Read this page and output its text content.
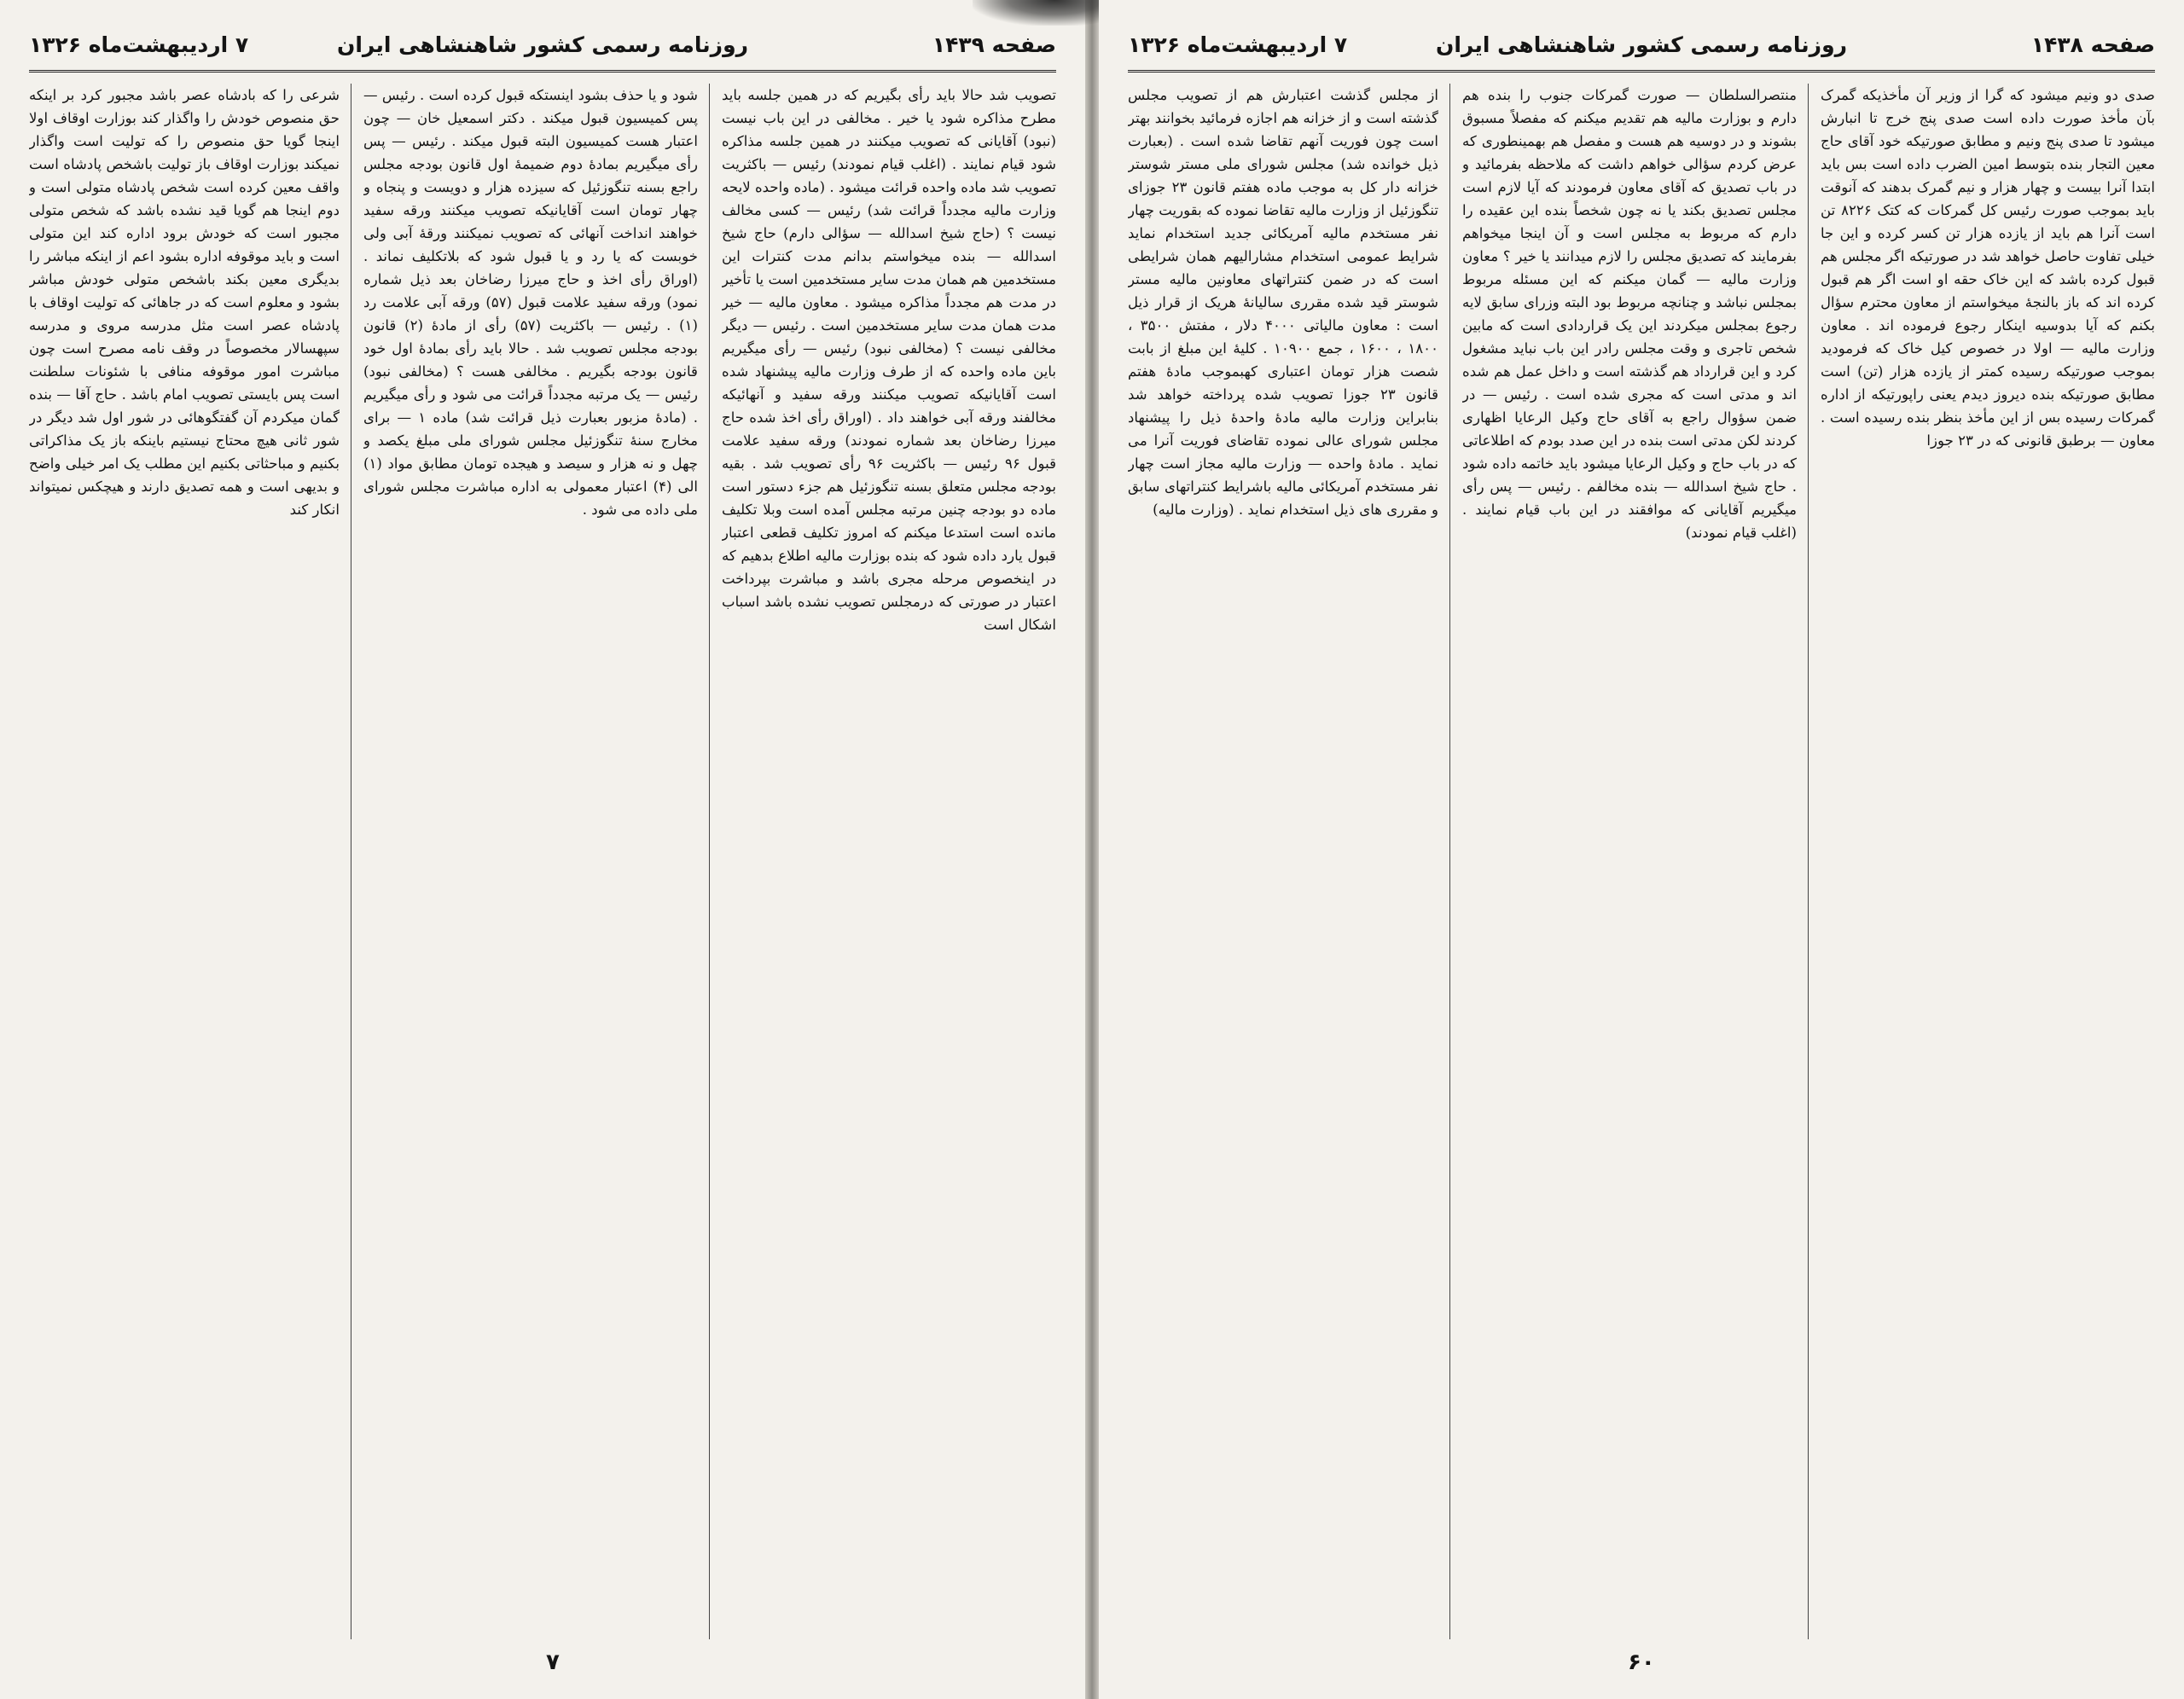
۷ اردیبهشت‌ماه ۱۳۲۶	روزنامه رسمی کشور شاهنشاهی ایران	صفحه ۱۴۳۹

تصویب شد حالا باید رأی بگیریم که در همین جلسه باید مطرح مذاکره شود یا خیر . مخالفی در این باب نیست (نبود) آقایانی که تصویب میکنند در همین جلسه مذاکره شود قیام نمایند . (اغلب قیام نمودند) رئیس — باکثریت تصویب شد ماده واحده قرائت میشود . (ماده واحده لایحه وزارت مالیه مجدداً قرائت شد) رئیس — کسی مخالف نیست ؟ (حاج شیخ اسدالله — سؤالی دارم) حاج شیخ اسدالله — بنده میخواستم بدانم مدت کنترات این مستخدمین هم همان مدت سایر مستخدمین است یا تأخیر در مدت هم مجدداً مذاکره میشود . معاون مالیه — خیر مدت همان مدت سایر مستخدمین است . رئیس — دیگر مخالفی نیست ؟ (مخالفی نبود) رئیس — رأی میگیریم باین ماده واحده که از طرف وزارت مالیه پیشنهاد شده است آقایانیکه تصویب میکنند ورقه سفید و آنهائیکه مخالفند ورقه آبی خواهند داد . (اوراق رأی اخذ شده حاج میرزا رضاخان بعد شماره نمودند) ورقه سفید علامت قبول ۹۶ رئیس — باکثریت ۹۶ رأی تصویب شد . بقیه بودجه مجلس متعلق بسنه تنگوزئیل هم جزء دستور است ماده دو بودجه چنین مرتبه مجلس آمده است وبلا تکلیف مانده است استدعا میکنم که امروز تکلیف قطعی اعتبار قبول یارد داده شود که بنده بوزارت مالیه اطلاع بدهیم که در اینخصوص مرحله مجری باشد و مباشرت بپرداخت اعتبار در صورتی که درمجلس تصویب نشده باشد اسباب اشکال است

شود و یا حذف بشود اینستکه قبول کرده است . رئیس — پس کمیسیون قبول میکند . دکتر اسمعیل خان — چون اعتبار هست کمیسیون البته قبول میکند . رئیس — پس رأی میگیریم بمادهٔ دوم ضمیمهٔ اول قانون بودجه مجلس راجع بسنه تنگوزئیل که سیزده هزار و دویست و پنجاه و چهار تومان است آقایانیکه تصویب میکنند ورقه سفید خواهند انداخت آنهائی که تصویب نمیکنند ورقهٔ آبی ولی خوبست که یا رد و یا قبول شود که بلاتکلیف نماند . (اوراق رأی اخذ و حاج میرزا رضاخان بعد ذیل شماره نمود) ورقه سفید علامت قبول (۵۷) ورقه آبی علامت رد (۱) . رئیس — باکثریت (۵۷) رأی از مادهٔ (۲) قانون بودجه مجلس تصویب شد . حالا باید رأی بمادهٔ اول خود قانون بودجه بگیریم . مخالفی هست ؟ (مخالفی نبود) رئیس — یک مرتبه مجدداً قرائت می شود و رأی میگیریم . (مادهٔ مزبور بعبارت ذیل قرائت شد) ماده ۱ — برای مخارج سنهٔ تنگوزئیل مجلس شورای ملی مبلغ یکصد و چهل و نه هزار و سیصد و هیجده تومان مطابق مواد (۱) الی (۴) اعتبار معمولی به اداره مباشرت مجلس شورای ملی داده می شود .

شرعی را که بادشاه عصر باشد مجبور کرد بر اینکه حق منصوص خودش را واگذار کند بوزارت اوقاف اولا اینجا گویا حق منصوص را که تولیت است واگذار نمیکند بوزارت اوقاف باز تولیت باشخص پادشاه است واقف معین کرده است شخص پادشاه متولی است و دوم اینجا هم گویا قید نشده باشد که شخص متولی مجبور است که خودش برود اداره کند این متولی است و باید موقوفه اداره بشود اعم از اینکه مباشر را بدیگری معین بکند باشخص متولی خودش مباشر بشود و معلوم است که در جاهائی که تولیت اوقاف با پادشاه عصر است مثل مدرسه مروی و مدرسه سپهسالار مخصوصاً در وقف نامه مصرح است چون مباشرت امور موقوفه منافی با شئونات سلطنت است پس بایستی تصویب امام باشد . حاج آقا — بنده گمان میکردم آن گفتگوهائی در شور اول شد دیگر در شور ثانی هیچ محتاج نیستیم باینکه باز یک مذاکراتی بکنیم و مباحثاتی بکنیم این مطلب یک امر خیلی واضح و بدیهی است و همه تصدیق دارند و هیچکس نمیتواند انکار کند

۷
۷ اردیبهشت‌ماه ۱۳۲۶	روزنامه رسمی کشور شاهنشاهی ایران	صفحه ۱۴۳۸

صدی دو ونیم میشود که گرا از وزیر آن مأخذیکه گمرک بآن مأخذ صورت داده است صدی پنج خرج تا انبارش میشود تا صدی پنج ونیم و مطابق صورتیکه خود آقای حاج معین التجار بنده بتوسط امین الضرب داده است بس باید ابتدا آنرا بیست و چهار هزار و نیم گمرک بدهند که آنوقت باید بموجب صورت رئیس کل گمرکات که کتک ۸۲۲۶ تن است آنرا هم باید از یازده هزار تن کسر کرده و این جا خیلی تفاوت حاصل خواهد شد در صورتیکه اگر مجلس هم قبول کرده باشد که این خاک حقه او است اگر هم قبول کرده اند که باز بالنجهٔ میخواستم از معاون محترم سؤال بکنم که آیا بدوسیه اینکار رجوع فرموده اند . معاون وزارت مالیه — اولا در خصوص کیل خاک که فرمودید بموجب صورتیکه رسیده کمتر از یازده هزار (تن) است مطابق صورتیکه بنده دیروز دیدم یعنی راپورتیکه از اداره گمرکات رسیده بس از این مأخذ بنظر بنده رسیده است . معاون — برطبق قانونی که در ۲۳ جوزا

منتصرالسلطان — صورت گمرکات جنوب را بنده هم دارم و بوزارت مالیه هم تقدیم میکنم که مفصلاً مسبوق بشوند و در دوسیه هم هست و مفصل هم بهمینطوری که عرض کردم سؤالی خواهم داشت که ملاحظه بفرمائید و در باب تصدیق که آقای معاون فرمودند که آیا لازم است مجلس تصدیق بکند یا نه چون شخصاً بنده این عقیده را دارم که مربوط به مجلس است و آن اینجا میخواهم بفرمایند که تصدیق مجلس را لازم میدانند یا خیر ؟ معاون وزارت مالیه — گمان میکنم که این مسئله مربوط بمجلس نباشد و چنانچه مربوط بود البته وزرای سابق لایه رجوع بمجلس میکردند این یک قراردادی است که مابین شخص تاجری و وقت مجلس رادر این باب نباید مشغول کرد و این قرارداد هم گذشته است و داخل عمل هم شده اند و مدتی است که مجری شده است . رئیس — در ضمن سؤوال راجع به آقای حاج وکیل الرعایا اظهاری کردند لکن مدتی است بنده در این صدد بودم که اطلاعاتی که در باب حاج و وکیل الرعایا میشود باید خاتمه داده شود . حاج شیخ اسدالله — بنده مخالفم . رئیس — پس رأی میگیریم آقایانی که موافقند در این باب قیام نمایند . (اغلب قیام نمودند)

از مجلس گذشت اعتبارش هم از تصویب مجلس گذشته است و از خزانه هم اجازه فرمائید بخوانند بهتر است چون فوریت آنهم تقاضا شده است . (بعبارت ذیل خوانده شد) مجلس شورای ملی مستر شوستر خزانه دار کل به موجب ماده هفتم قانون ۲۳ جوزای تنگوزئیل از وزارت مالیه تقاضا نموده که بقوریت چهار نفر مستخدم مالیه آمریکائی جدید استخدام نماید شرایط عمومی استخدام مشارالیهم همان شرایطی است که در ضمن کنتراتهای معاونین مالیه مستر شوستر قید شده مقرری سالیانهٔ هریک از قرار ذیل است : معاون مالیاتی ۴۰۰۰ دلار ، مفتش ۳۵۰۰ ، ۱۸۰۰ ، ۱۶۰۰ ، جمع ۱۰۹۰۰ . کلیهٔ این مبلغ از بابت شصت هزار تومان اعتباری کهبموجب مادهٔ هفتم قانون ۲۳ جوزا تصویب شده پرداخته خواهد شد بنابراین وزارت مالیه مادهٔ واحدهٔ ذیل را پیشنهاد مجلس شورای عالی نموده تقاضای فوریت آنرا می نماید . مادهٔ واحده — وزارت مالیه مجاز است چهار نفر مستخدم آمریکائی مالیه باشرایط کنتراتهای سابق و مقرری های ذیل استخدام نماید . (وزارت مالیه)

۶۰
